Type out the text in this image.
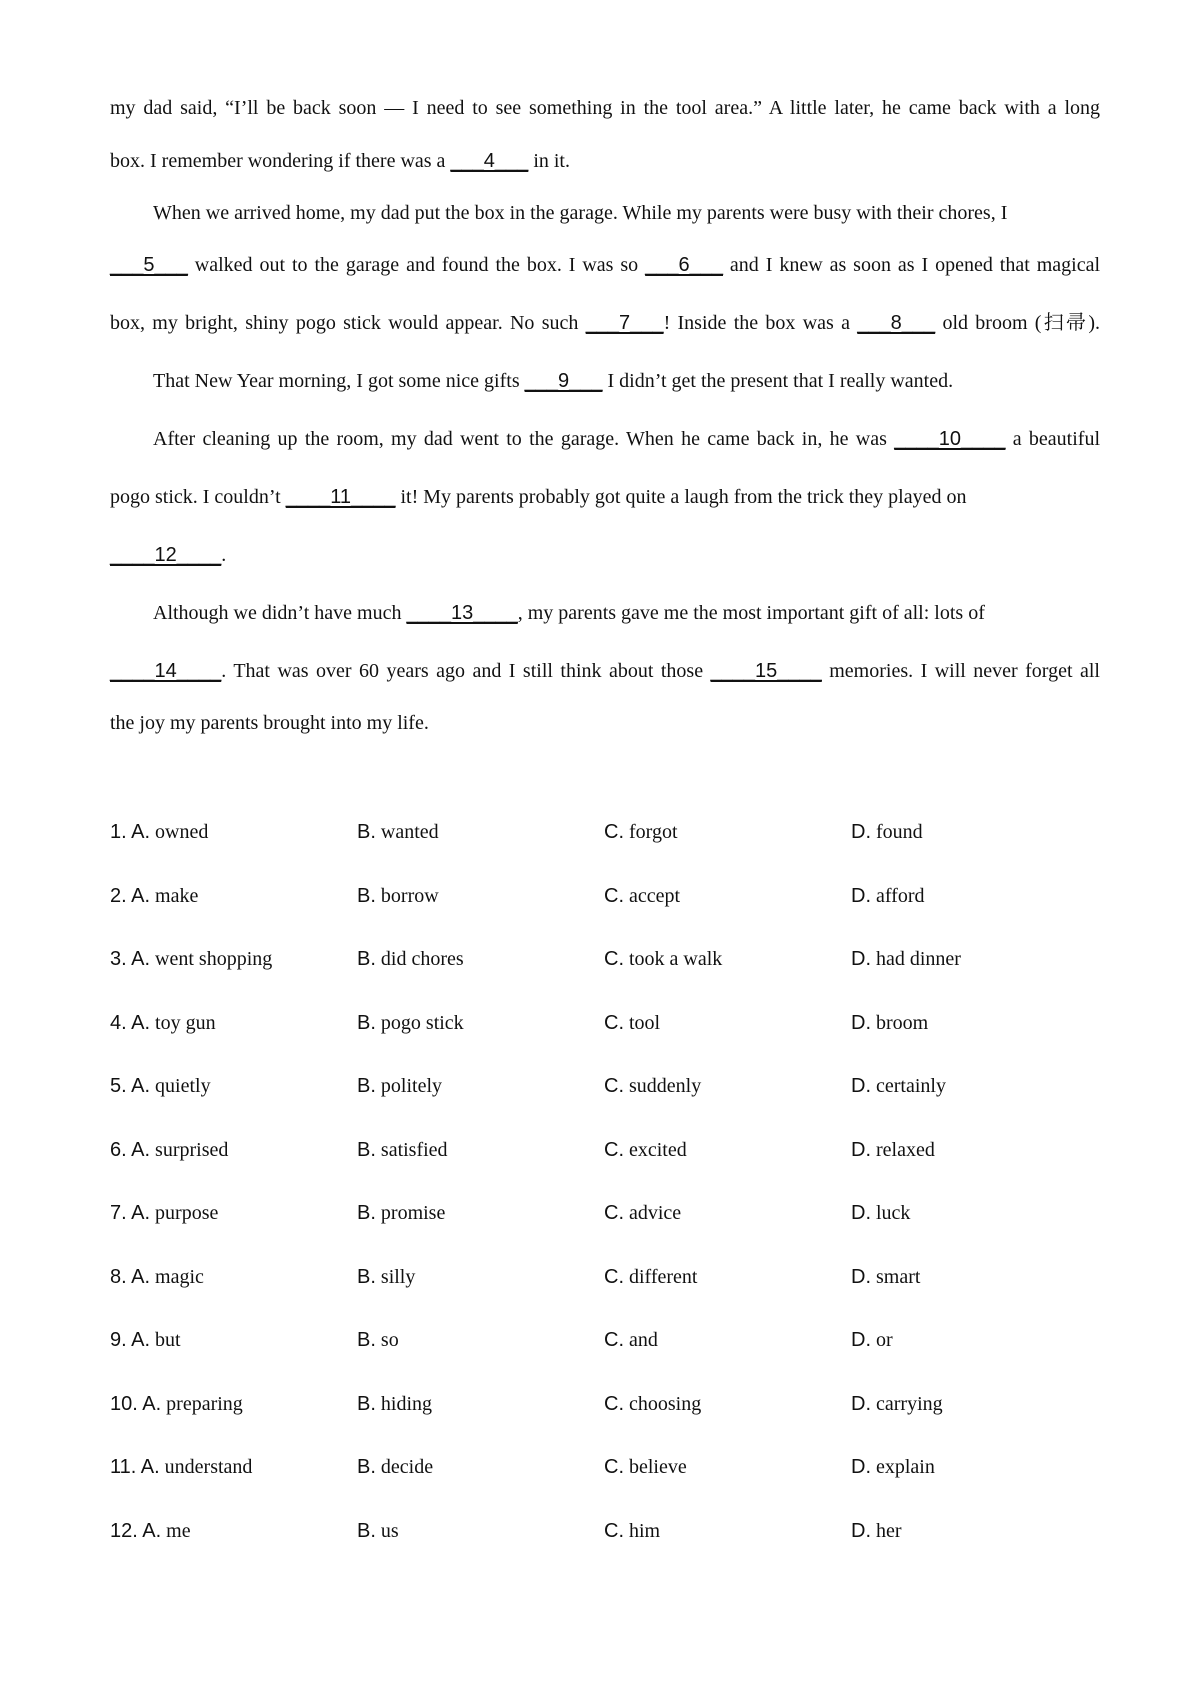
my dad said, “I’ll be back soon — I need to see something in the tool area.” A little later, he came back with a long
box. I remember wondering if there was a ___4___ in it.
When we arrived home, my dad put the box in the garage. While my parents were busy with their chores, I
___5___ walked out to the garage and found the box. I was so ___6___ and I knew as soon as I opened that magical
box, my bright, shiny pogo stick would appear. No such ___7___! Inside the box was a ___8___ old broom (扫帚).
That New Year morning, I got some nice gifts ___9___ I didn’t get the present that I really wanted.
After cleaning up the room, my dad went to the garage. When he came back in, he was ____10____ a beautiful
pogo stick. I couldn’t ____11____ it! My parents probably got quite a laugh from the trick they played on
____12____.
Although we didn’t have much ____13____, my parents gave me the most important gift of all: lots of
____14____. That was over 60 years ago and I still think about those ____15____ memories. I will never forget all
the joy my parents brought into my life.
1. A. owned	B. wanted	C. forgot	D. found
2. A. make	B. borrow	C. accept	D. afford
3. A. went shopping	B. did chores	C. took a walk	D. had dinner
4. A. toy gun	B. pogo stick	C. tool	D. broom
5. A. quietly	B. politely	C. suddenly	D. certainly
6. A. surprised	B. satisfied	C. excited	D. relaxed
7. A. purpose	B. promise	C. advice	D. luck
8. A. magic	B. silly	C. different	D. smart
9. A. but	B. so	C. and	D. or
10. A. preparing	B. hiding	C. choosing	D. carrying
11. A. understand	B. decide	C. believe	D. explain
12. A. me	B. us	C. him	D. her
